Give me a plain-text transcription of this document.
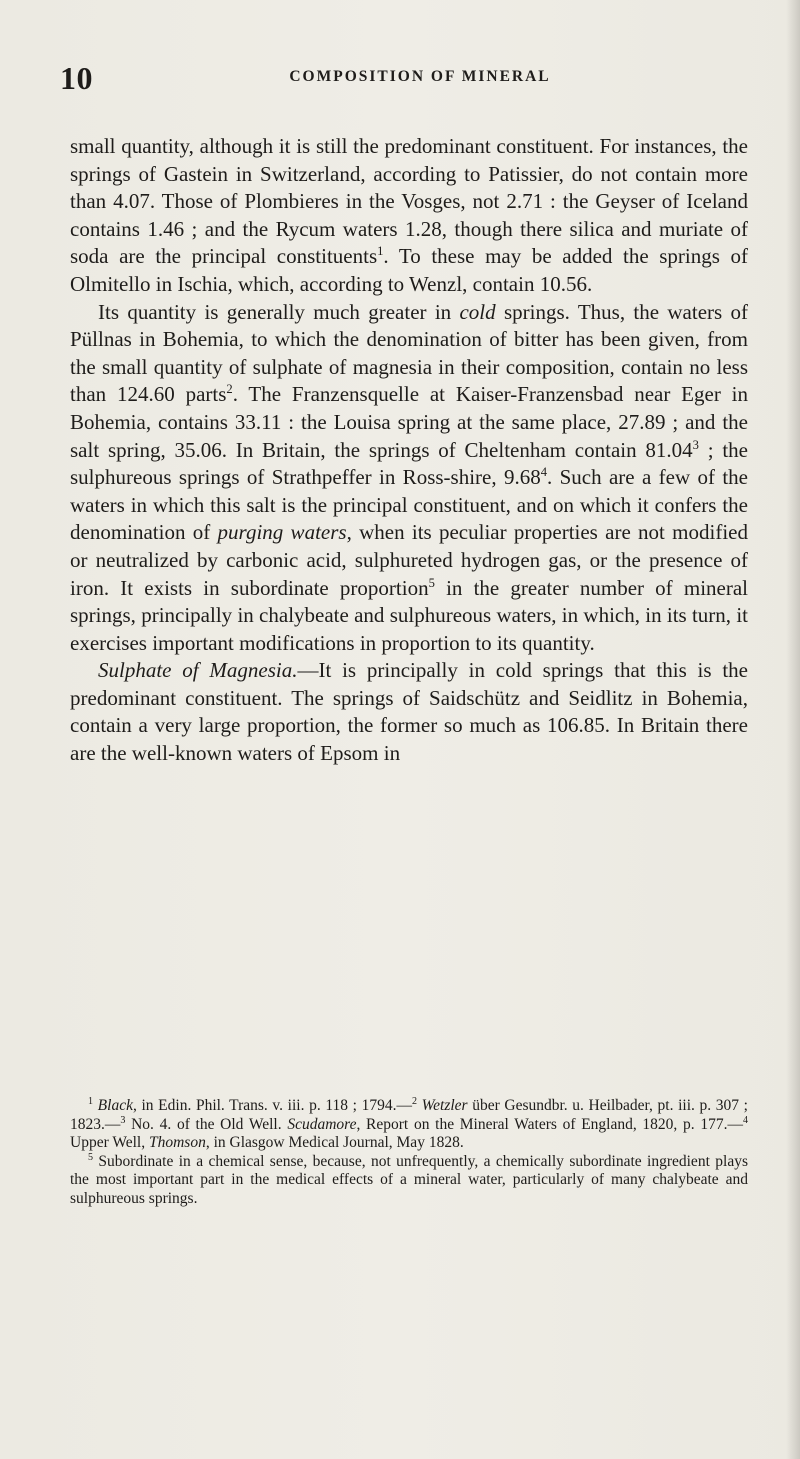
10	COMPOSITION OF MINERAL

small quantity, although it is still the predominant constituent. For instances, the springs of Gastein in Switzerland, according to Patissier, do not contain more than 4.07. Those of Plombieres in the Vosges, not 2.71 : the Geyser of Iceland contains 1.46 ; and the Rycum waters 1.28, though there silica and muriate of soda are the principal constituents$^1$. To these may be added the springs of Olmitello in Ischia, which, according to Wenzl, contain 10.56.

Its quantity is generally much greater in cold springs. Thus, the waters of Püllnas in Bohemia, to which the denomination of bitter has been given, from the small quantity of sulphate of magnesia in their composition, contain no less than 124.60 parts$^2$. The Franzensquelle at Kaiser-Franzensbad near Eger in Bohemia, contains 33.11 : the Louisa spring at the same place, 27.89 ; and the salt spring, 35.06. In Britain, the springs of Cheltenham contain 81.04$^3$ ; the sulphureous springs of Strathpeffer in Ross-shire, 9.68$^4$. Such are a few of the waters in which this salt is the principal constituent, and on which it confers the denomination of purging waters, when its peculiar properties are not modified or neutralized by carbonic acid, sulphureted hydrogen gas, or the presence of iron. It exists in subordinate proportion$^5$ in the greater number of mineral springs, principally in chalybeate and sulphureous waters, in which, in its turn, it exercises important modifications in proportion to its quantity.

Sulphate of Magnesia.—It is principally in cold springs that this is the predominant constituent. The springs of Saidschütz and Seidlitz in Bohemia, contain a very large proportion, the former so much as 106.85. In Britain there are the well-known waters of Epsom in

$^1$ Black, in Edin. Phil. Trans. v. iii. p. 118 ; 1794.—$^2$ Wetzler über Gesundbr. u. Heilbader, pt. iii. p. 307 ; 1823.—$^3$ No. 4. of the Old Well. Scudamore, Report on the Mineral Waters of England, 1820, p. 177.—$^4$ Upper Well, Thomson, in Glasgow Medical Journal, May 1828.

$^5$ Subordinate in a chemical sense, because, not unfrequently, a chemically subordinate ingredient plays the most important part in the medical effects of a mineral water, particularly of many chalybeate and sulphureous springs.
